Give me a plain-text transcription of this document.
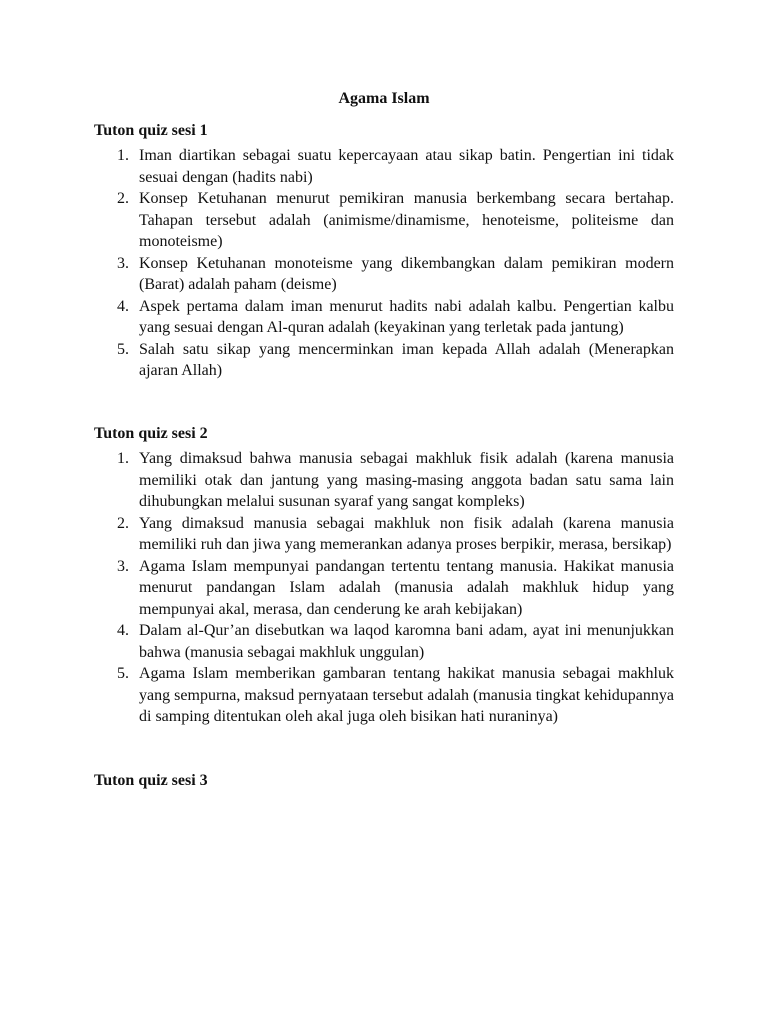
Agama Islam
Tuton quiz sesi 1
1. Iman diartikan sebagai suatu kepercayaan atau sikap batin. Pengertian ini tidak sesuai dengan (hadits nabi)
2. Konsep Ketuhanan menurut pemikiran manusia berkembang secara bertahap. Tahapan tersebut adalah (animisme/dinamisme, henoteisme, politeisme dan monoteisme)
3. Konsep Ketuhanan monoteisme yang dikembangkan dalam pemikiran modern (Barat) adalah paham (deisme)
4. Aspek pertama dalam iman menurut hadits nabi adalah kalbu. Pengertian kalbu yang sesuai dengan Al-quran adalah (keyakinan yang terletak pada jantung)
5. Salah satu sikap yang mencerminkan iman kepada Allah adalah (Menerapkan ajaran Allah)
Tuton quiz sesi 2
1. Yang dimaksud bahwa manusia sebagai makhluk fisik adalah (karena manusia memiliki otak dan jantung yang masing-masing anggota badan satu sama lain dihubungkan melalui susunan syaraf yang sangat kompleks)
2. Yang dimaksud manusia sebagai makhluk non fisik adalah (karena manusia memiliki ruh dan jiwa yang memerankan adanya proses berpikir, merasa, bersikap)
3. Agama Islam mempunyai pandangan tertentu tentang manusia. Hakikat manusia menurut pandangan Islam adalah (manusia adalah makhluk hidup yang mempunyai akal, merasa, dan cenderung ke arah kebijakan)
4. Dalam al-Qur’an disebutkan wa laqod karomna bani adam, ayat ini menunjukkan bahwa (manusia sebagai makhluk unggulan)
5. Agama Islam memberikan gambaran tentang hakikat manusia sebagai makhluk yang sempurna, maksud pernyataan tersebut adalah (manusia tingkat kehidupannya di samping ditentukan oleh akal juga oleh bisikan hati nuraninya)
Tuton quiz sesi 3
